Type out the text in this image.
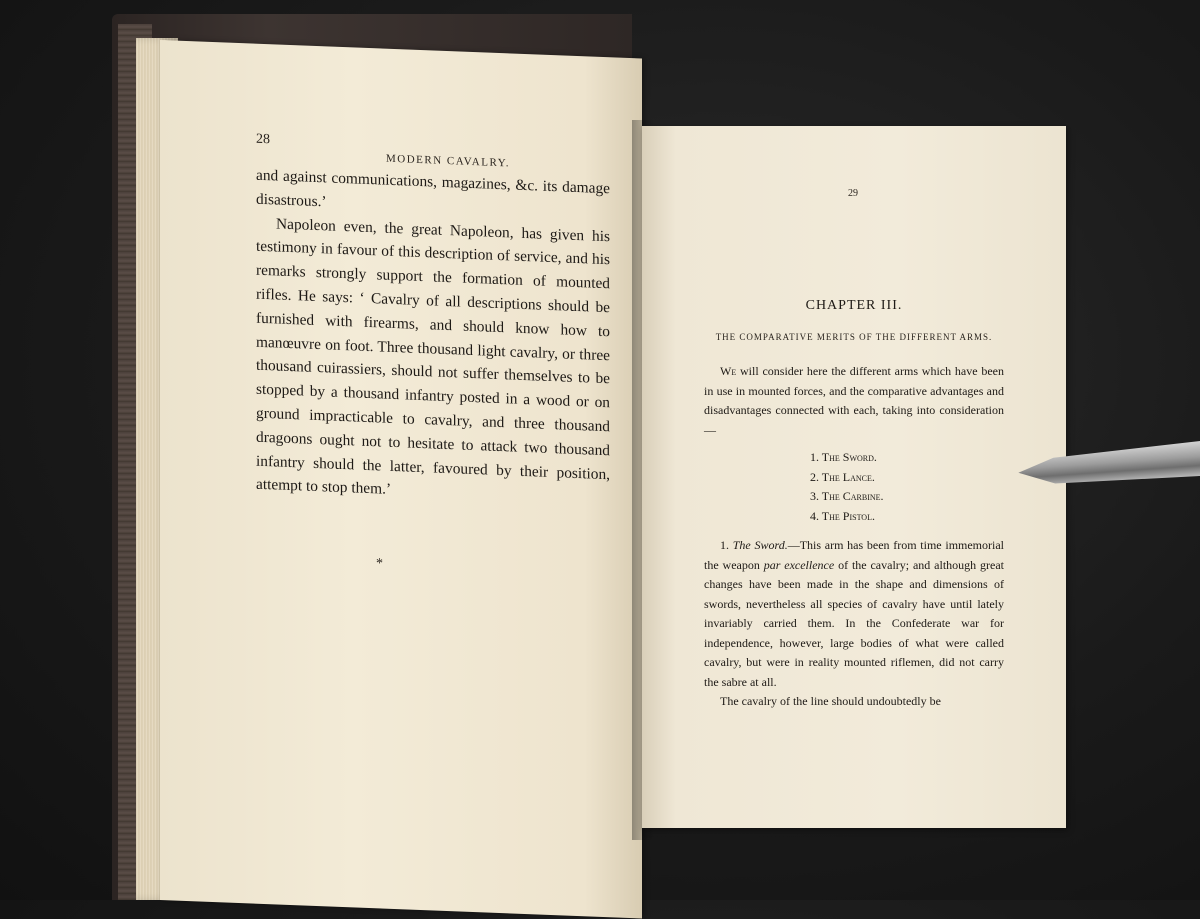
28
MODERN CAVALRY.

and against communications, magazines, &c. its damage disastrous.’

Napoleon even, the great Napoleon, has given his testimony in favour of this description of service, and his remarks strongly support the formation of mounted rifles. He says: ‘ Cavalry of all descriptions should be furnished with firearms, and should know how to manœuvre on foot. Three thousand light cavalry, or three thousand cuirassiers, should not suffer themselves to be stopped by a thousand infantry posted in a wood or on ground impracticable to cavalry, and three thousand dragoons ought not to hesitate to attack two thousand infantry should the latter, favoured by their position, attempt to stop them.’

*
29
CHAPTER III.
THE COMPARATIVE MERITS OF THE DIFFERENT ARMS.

We will consider here the different arms which have been in use in mounted forces, and the comparative advantages and disadvantages connected with each, taking into consideration—

1. The Sword.
2. The Lance.
3. The Carbine.
4. The Pistol.

1. The Sword.—This arm has been from time immemorial the weapon par excellence of the cavalry; and although great changes have been made in the shape and dimensions of swords, nevertheless all species of cavalry have until lately invariably carried them. In the Confederate war for independence, however, large bodies of what were called cavalry, but were in reality mounted riflemen, did not carry the sabre at all.

The cavalry of the line should undoubtedly be
